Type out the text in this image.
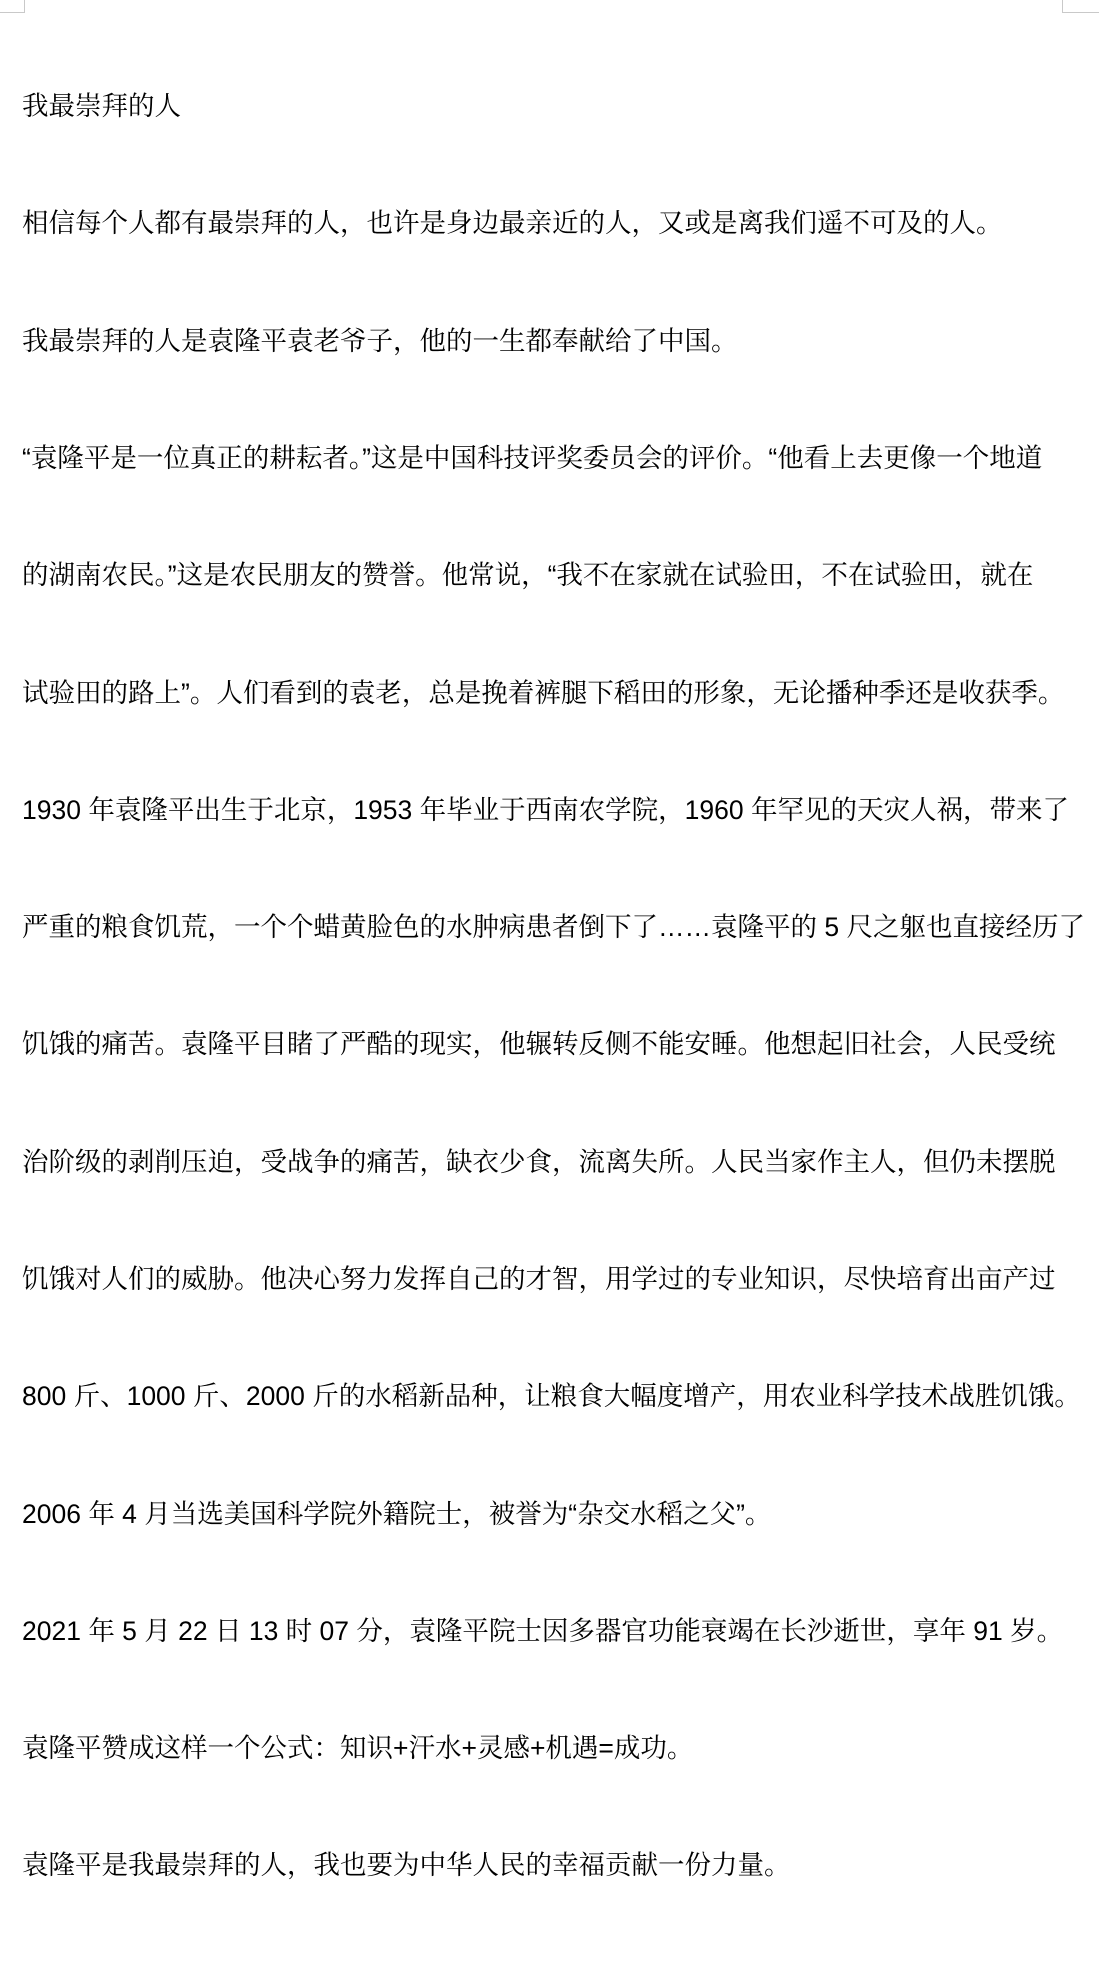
我最崇拜的人

相信每个人都有最崇拜的人，也许是身边最亲近的人，又或是离我们遥不可及的人。

我最崇拜的人是袁隆平袁老爷子，他的一生都奉献给了中国。

“袁隆平是一位真正的耕耘者。”这是中国科技评奖委员会的评价。“他看上去更像一个地道

的湖南农民。”这是农民朋友的赞誉。他常说，“我不在家就在试验田，不在试验田，就在

试验田的路上”。人们看到的袁老，总是挽着裤腿下稻田的形象，无论播种季还是收获季。

1930 年袁隆平出生于北京，1953 年毕业于西南农学院，1960 年罕见的天灾人祸，带来了

严重的粮食饥荒，一个个蜡黄脸色的水肿病患者倒下了……袁隆平的 5 尺之躯也直接经历了

饥饿的痛苦。袁隆平目睹了严酷的现实，他辗转反侧不能安睡。他想起旧社会，人民受统

治阶级的剥削压迫，受战争的痛苦，缺衣少食，流离失所。人民当家作主人，但仍未摆脱

饥饿对人们的威胁。他决心努力发挥自己的才智，用学过的专业知识，尽快培育出亩产过

800 斤、1000 斤、2000 斤的水稻新品种，让粮食大幅度增产，用农业科学技术战胜饥饿。

2006 年 4 月当选美国科学院外籍院士，被誉为“杂交水稻之父”。

2021 年 5 月 22 日 13 时 07 分，袁隆平院士因多器官功能衰竭在长沙逝世，享年 91 岁。

袁隆平赞成这样一个公式：知识+汗水+灵感+机遇=成功。

袁隆平是我最崇拜的人，我也要为中华人民的幸福贡献一份力量。
